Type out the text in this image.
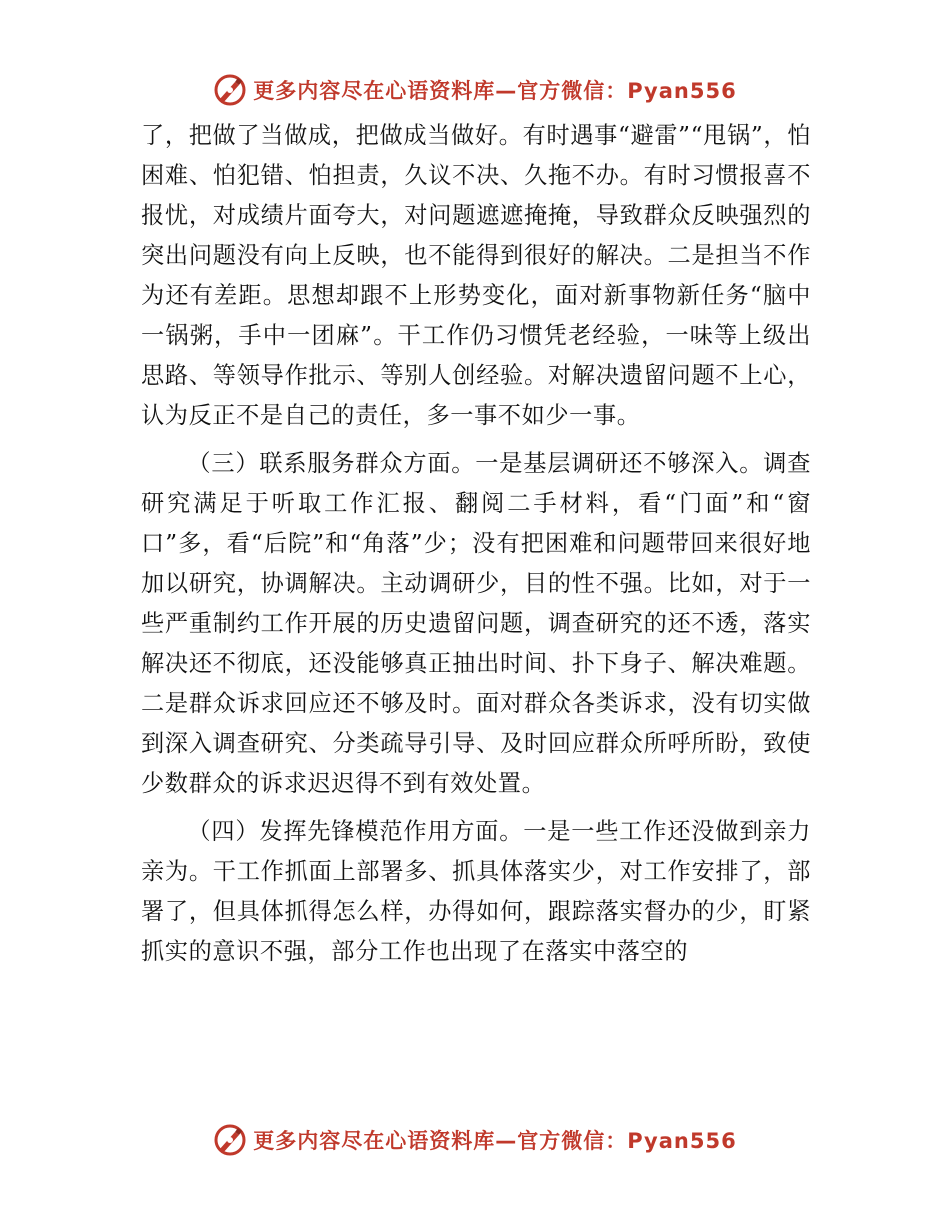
更多内容尽在心语资料库—官方微信：Pyan556

了，把做了当做成，把做成当做好。有时遇事“避雷”“甩锅”，怕困难、怕犯错、怕担责，久议不决、久拖不办。有时习惯报喜不报忧，对成绩片面夸大，对问题遮遮掩掩，导致群众反映强烈的突出问题没有向上反映，也不能得到很好的解决。二是担当不作为还有差距。思想却跟不上形势变化，面对新事物新任务“脑中一锅粥，手中一团麻”。干工作仍习惯凭老经验，一味等上级出思路、等领导作批示、等别人创经验。对解决遗留问题不上心，认为反正不是自己的责任，多一事不如少一事。

（三）联系服务群众方面。一是基层调研还不够深入。调查研究满足于听取工作汇报、翻阅二手材料，看“门面”和“窗口”多，看“后院”和“角落”少；没有把困难和问题带回来很好地加以研究，协调解决。主动调研少，目的性不强。比如，对于一些严重制约工作开展的历史遗留问题，调查研究的还不透，落实解决还不彻底，还没能够真正抽出时间、扑下身子、解决难题。二是群众诉求回应还不够及时。面对群众各类诉求，没有切实做到深入调查研究、分类疏导引导、及时回应群众所呼所盼，致使少数群众的诉求迟迟得不到有效处置。

（四）发挥先锋模范作用方面。一是一些工作还没做到亲力亲为。干工作抓面上部署多、抓具体落实少，对工作安排了，部署了，但具体抓得怎么样，办得如何，跟踪落实督办的少，盯紧抓实的意识不强，部分工作也出现了在落实中落空的

更多内容尽在心语资料库—官方微信：Pyan556
